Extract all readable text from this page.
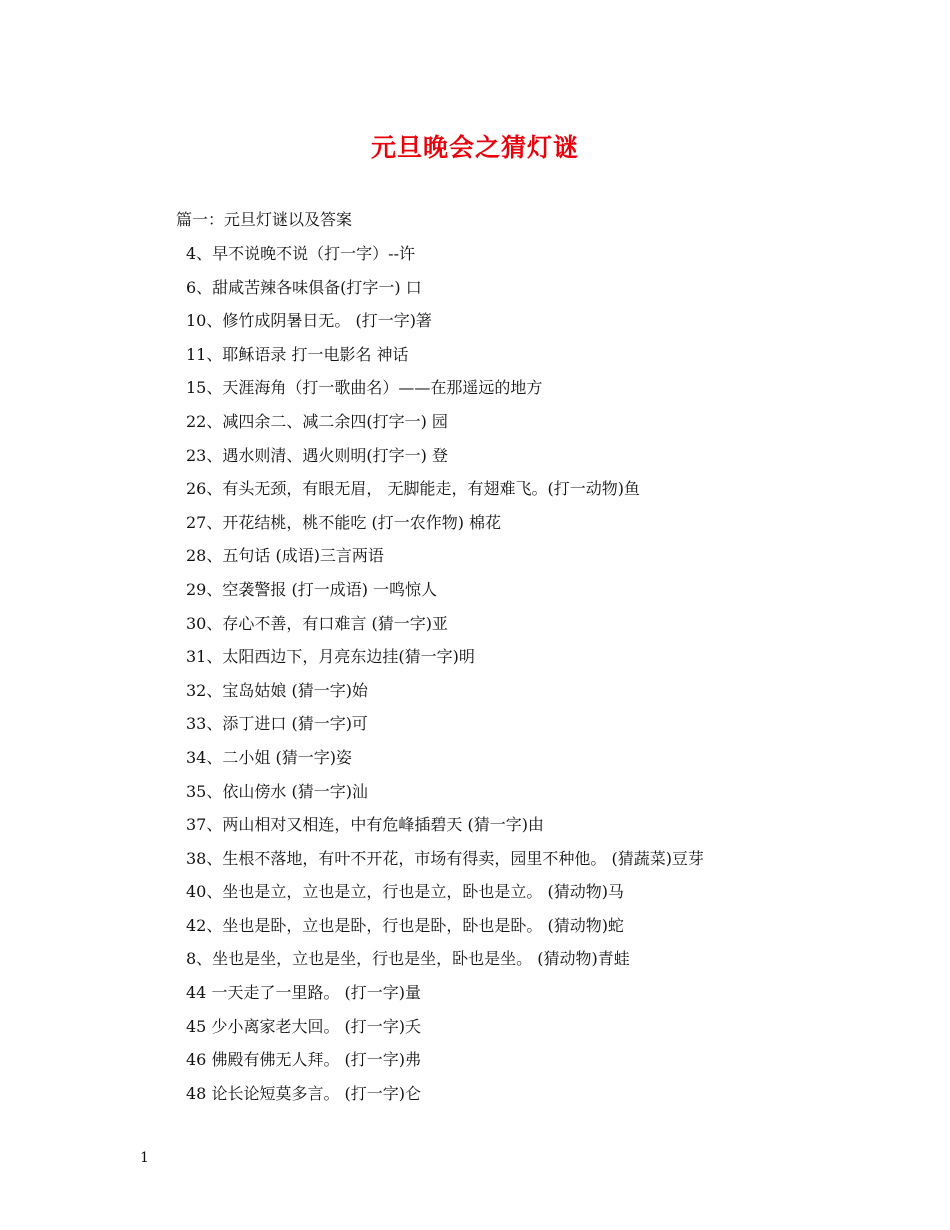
元旦晚会之猜灯谜
篇一：元旦灯谜以及答案
4、早不说晚不说（打一字）--许
6、甜咸苦辣各味俱备(打字一) 口
10、修竹成阴暑日无。 (打一字)箸
11、耶稣语录 打一电影名 神话
15、天涯海角（打一歌曲名）——在那遥远的地方
22、减四余二、减二余四(打字一) 园
23、遇水则清、遇火则明(打字一) 登
26、有头无颈，有眼无眉， 无脚能走，有翅难飞。(打一动物)鱼
27、开花结桃，桃不能吃 (打一农作物) 棉花
28、五句话 (成语)三言两语
29、空袭警报 (打一成语) 一鸣惊人
30、存心不善，有口难言 (猜一字)亚
31、太阳西边下，月亮东边挂(猜一字)明
32、宝岛姑娘 (猜一字)始
33、添丁进口 (猜一字)可
34、二小姐 (猜一字)姿
35、依山傍水 (猜一字)汕
37、两山相对又相连，中有危峰插碧天 (猜一字)由
38、生根不落地，有叶不开花，市场有得卖，园里不种他。 (猜蔬菜)豆芽
40、坐也是立，立也是立，行也是立，卧也是立。 (猜动物)马
42、坐也是卧，立也是卧，行也是卧，卧也是卧。 (猜动物)蛇
8、坐也是坐，立也是坐，行也是坐，卧也是坐。 (猜动物)青蛙
44 一天走了一里路。 (打一字)量
45 少小离家老大回。 (打一字)夭
46 佛殿有佛无人拜。 (打一字)弗
48 论长论短莫多言。 (打一字)仑
1
